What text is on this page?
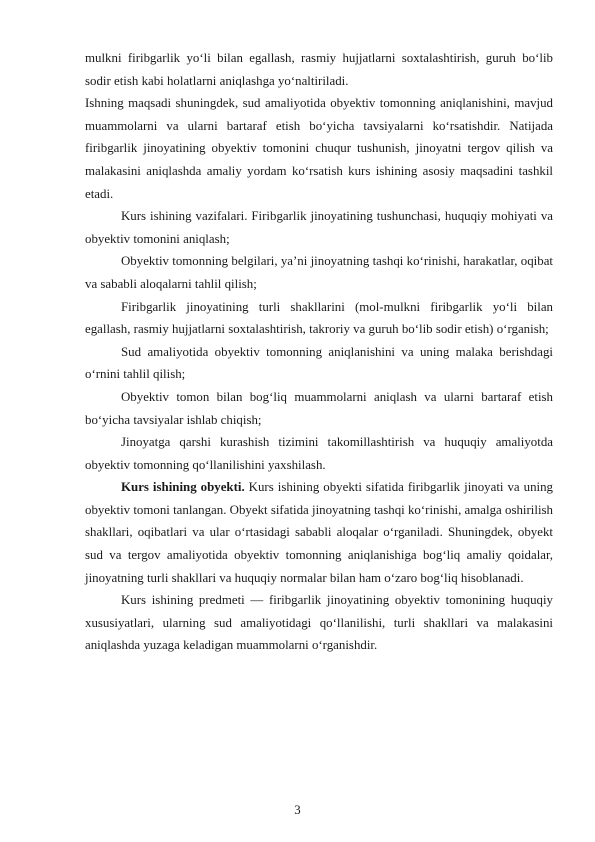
mulkni firibgarlik yo‘li bilan egallash, rasmiy hujjatlarni soxtalashtirish, guruh bo‘lib sodir etish kabi holatlarni aniqlashga yo‘naltiriladi.

Ishning maqsadi shuningdek, sud amaliyotida obyektiv tomonning aniqlanishini, mavjud muammolarni va ularni bartaraf etish bo‘yicha tavsiyalarni ko‘rsatishdir. Natijada firibgarlik jinoyatining obyektiv tomonini chuqur tushunish, jinoyatni tergov qilish va malakasini aniqlashda amaliy yordam ko‘rsatish kurs ishining asosiy maqsadini tashkil etadi.

Kurs ishining vazifalari. Firibgarlik jinoyatining tushunchasi, huquqiy mohiyati va obyektiv tomonini aniqlash;

Obyektiv tomonning belgilari, ya’ni jinoyatning tashqi ko‘rinishi, harakatlar, oqibat va sababli aloqalarni tahlil qilish;

Firibgarlik jinoyatining turli shakllarini (mol-mulkni firibgarlik yo‘li bilan egallash, rasmiy hujjatlarni soxtalashtirish, takroriy va guruh bo‘lib sodir etish) o‘rganish;

Sud amaliyotida obyektiv tomonning aniqlanishini va uning malaka berishdagi o‘rnini tahlil qilish;

Obyektiv tomon bilan bog‘liq muammolarni aniqlash va ularni bartaraf etish bo‘yicha tavsiyalar ishlab chiqish;

Jinoyatga qarshi kurashish tizimini takomillashtirish va huquqiy amaliyotda obyektiv tomonning qo‘llanilishini yaxshilash.

Kurs ishining obyekti. Kurs ishining obyekti sifatida firibgarlik jinoyati va uning obyektiv tomoni tanlangan. Obyekt sifatida jinoyatning tashqi ko‘rinishi, amalga oshirilish shakllari, oqibatlari va ular o‘rtasidagi sababli aloqalar o‘rganiladi. Shuningdek, obyekt sud va tergov amaliyotida obyektiv tomonning aniqlanishiga bog‘liq amaliy qoidalar, jinoyatning turli shakllari va huquqiy normalar bilan ham o‘zaro bog‘liq hisoblanadi.

Kurs ishining predmeti — firibgarlik jinoyatining obyektiv tomonining huquqiy xususiyatlari, ularning sud amaliyotidagi qo‘llanilishi, turli shakllari va malakasini aniqlashda yuzaga keladigan muammolarni o‘rganishdir.

3
